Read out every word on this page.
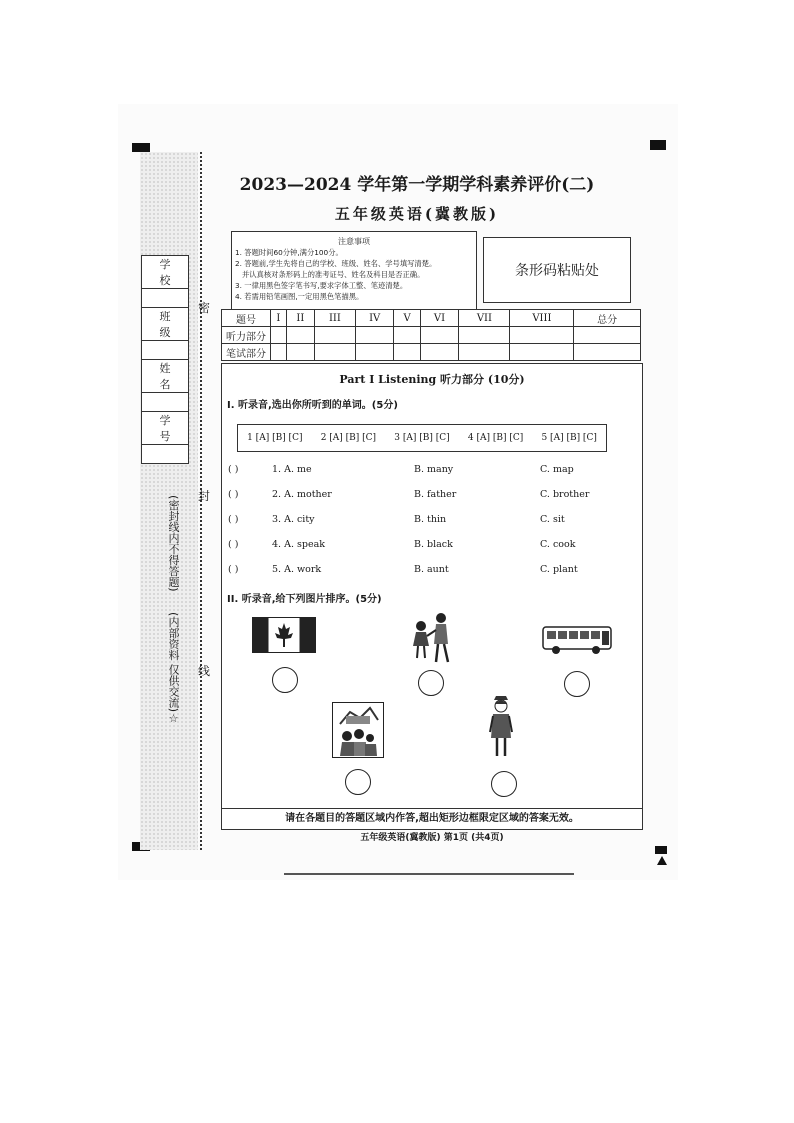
密
封
线
学 校

班 级

姓 名

学 号

(密封线内不得答题)
(内部资料 仅供交流)☆
2023—2024 学年第一学期学科素养评价(二)
五年级英语(冀教版)
注意事项
1. 答题时间60分钟,满分100分。
2. 答题前,学生先将自己的学校、班级、姓名、学号填写清楚。
并认真核对条形码上的准考证号、姓名及科目是否正确。
3. 一律用黑色签字笔书写,要求字体工整、笔迹清楚。
4. 若需用铅笔画图,一定用黑色笔描黑。
条形码粘贴处
题号	I	II	III	IV	V	VI	VII	VIII	总分
听力部分									
笔试部分									
Part I Listening 听力部分 (10分)
I. 听录音,选出你所听到的单词。(5分)
1 [A] [B] [C] 2 [A] [B] [C] 3 [A] [B] [C] 4 [A] [B] [C] 5 [A] [B] [C]
( )	1. A. me	B. many	C. map
( )	2. A. mother	B. father	C. brother
( )	3. A. city	B. thin	C. sit
( )	4. A. speak	B. black	C. cook
( )	5. A. work	B. aunt	C. plant
II. 听录音,给下列图片排序。(5分)
请在各题目的答题区域内作答,超出矩形边框限定区域的答案无效。
五年级英语(冀教版) 第1页 (共4页)
